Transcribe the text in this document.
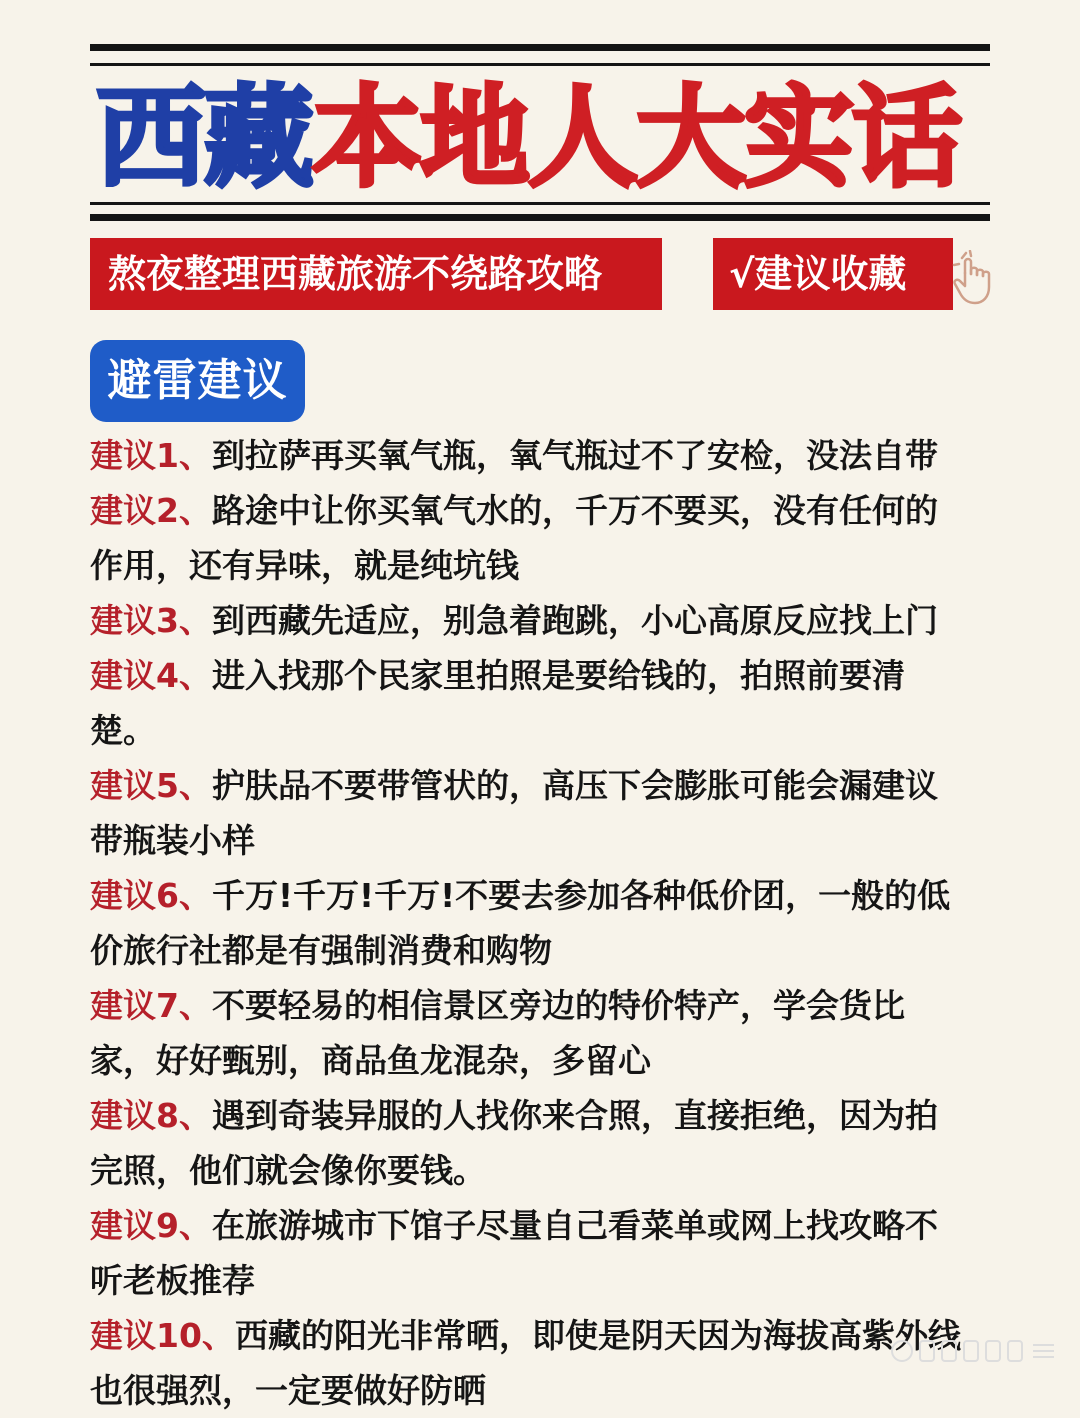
西藏 本地人大实话
熬夜整理西藏旅游不绕路攻略	√建议收藏
避雷建议

建议1、到拉萨再买氧气瓶，氧气瓶过不了安检，没法自带

建议2、路途中让你买氧气水的，千万不要买，没有任何的作用，还有异味，就是纯坑钱

建议3、到西藏先适应，别急着跑跳，小心高原反应找上门

建议4、进入找那个民家里拍照是要给钱的，拍照前要清楚。

建议5、护肤品不要带管状的，高压下会膨胀可能会漏建议带瓶装小样

建议6、千万!千万!千万!不要去参加各种低价团，一般的低价旅行社都是有强制消费和购物

建议7、不要轻易的相信景区旁边的特价特产，学会货比家，好好甄别，商品鱼龙混杂，多留心

建议8、遇到奇装异服的人找你来合照，直接拒绝，因为拍完照，他们就会像你要钱。

建议9、在旅游城市下馆子尽量自己看菜单或网上找攻略不听老板推荐

建议10、西藏的阳光非常晒，即使是阴天因为海拔高紫外线也很强烈，一定要做好防晒
